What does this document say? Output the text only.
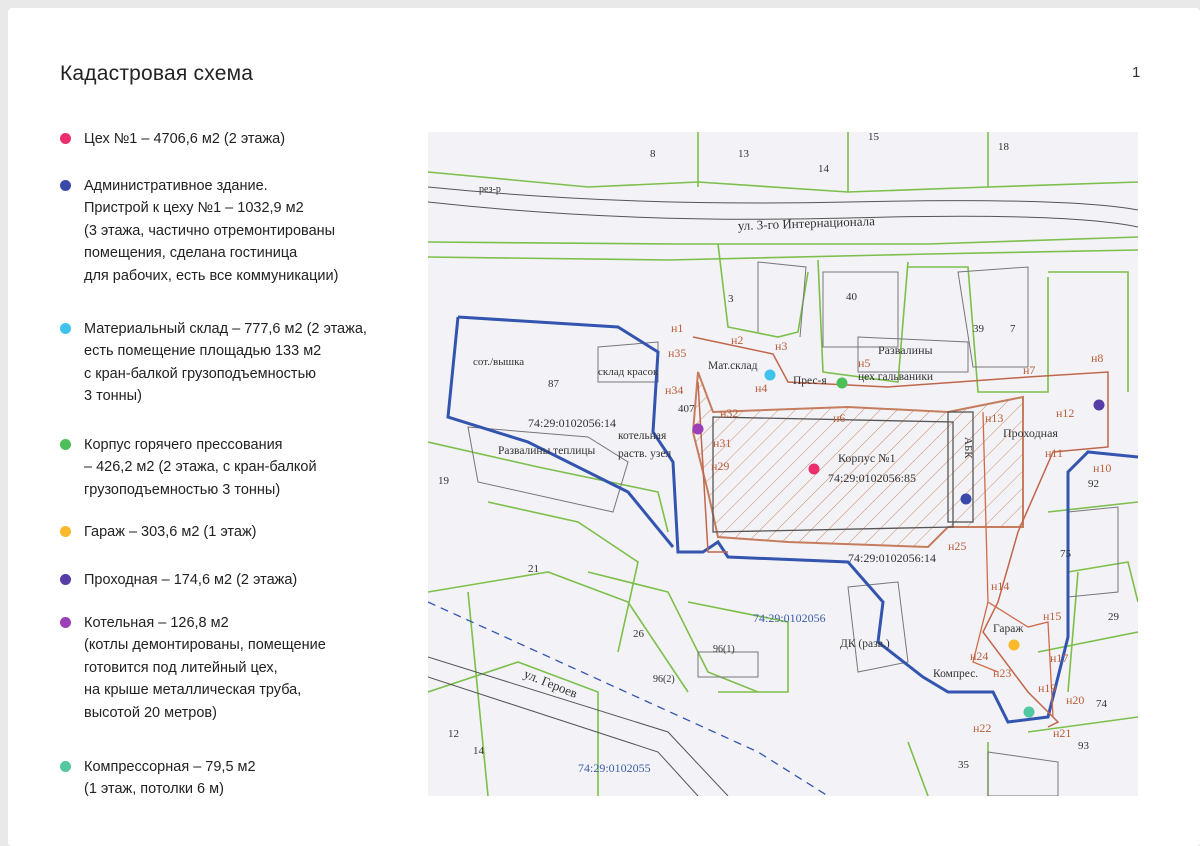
Кадастровая схема	1
Цех №1 – 4706,6 м2 (2 этажа)
Административное здание.
Пристрой к цеху №1 – 1032,9 м2
(3 этажа, частично отремонтированы
помещения, сделана гостиница
для рабочих, есть все коммуникации)
Материальный склад – 777,6 м2 (2 этажа,
есть помещение площадью 133 м2
с кран-балкой грузоподъемностью
3 тонны)
Корпус горячего прессования
– 426,2 м2 (2 этажа, с кран-балкой
грузоподъемностью 3 тонны)
Гараж – 303,6 м2 (1 этаж)
Проходная – 174,6 м2 (2 этажа)
Котельная – 126,8 м2
(котлы демонтированы, помещение
готовится под литейный цех,
на крыше металлическая труба,
высотой 20 метров)
Компрессорная – 79,5 м2
(1 этаж, потолки 6 м)
ул. 3-го Интернационала
ул. Героев
74:29:0102056:14
74:29:0102056:85
74:29:0102056:14
74:29:0102056
74:29:0102055
Мат.склад
Прес-я	цех гальваники
Развалины
Корпус №1	АБК
Проходная
Гараж
Компрес.
ДК (разв.)
сот./вышка
склад красок
котельная
раств. узел
Развалины теплицы
рез-р
н1
н2	н3
н4
н5
н6
н7
н8
н10
н11
н12
н13
н14
н15
н17
н19
н20
н21
н22
н23
н24
н25
н29
н31
н32
н34
н35
8	13
14
15
18
3	40
39 7
19
21
26
96(1)
96(2)
92
75
29
74
93
35
12
14
87
407
